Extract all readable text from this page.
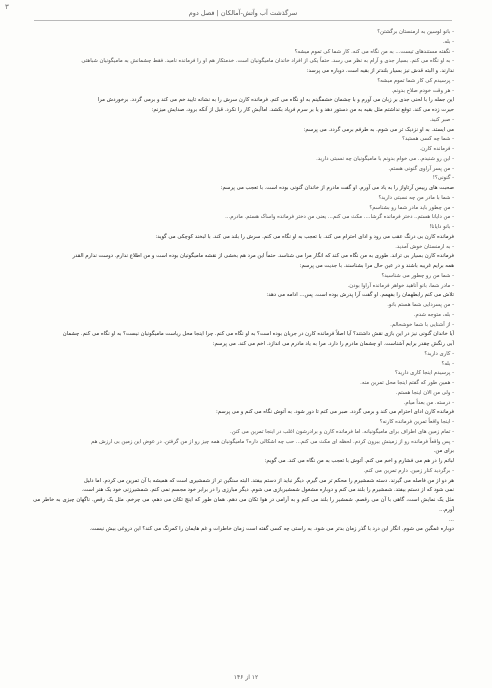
۳
سرگذشت آب وآتش-آمالکان | فصل دوم

- بانو لوسین به ارمنستان برگشتن؟

- بله.

- نگفته مستندهای تیست... به من نگاه می کنه. کار شما کی تموم میشه؟

- به او نگاه می کنم. بسیار جدی و آرام به نظر می رسد. حتماً یکی از افراد خاندان ماميگونيان است. خدمتکار هم او را فرمانده نامید. فقط چشمانش به ماميگونيان شباهتی

ندارند. و البته قدش نیز بسیار بلندتر از بقیه است. دوباره می پرسد:

- پرسیدم کی کار شما تموم میشه؟

- هر وقت خودم صلاح بدونم.

این جمله را با لحنی جدی بر زبان می آورم و با چشمان خشمگینم به او نگاه می کنم. فرمانده کارن سرش را به نشانه تایید خم می کند و برمی گردد. برخوردش مرا

حیرت زده می کند. توقع نداشتم مثل بقیه به من دستور دهد و یا بر سرم فریاد بکشد. اماآیش کار را نکرد. قبل از آنکه برود، صدایش میزنم:

- صبر کنید.

می ایستد. به او نزدیک تر می شوم. به طرفم برمی گردد. می پرسم:

- شما چه کسی هستید؟

- فرمانده کارن.

- این رو شنیدم.. می خوام بدونم با ماميگونيان چه نسبتی دارید.

- من پسر آراوی گنونی هستم.

- گنونی؟!

صحبت های رییس آرتاواز را به یاد می آورم. او گفت مادرم از خاندان گنونی بوده است. با تعجب می پرسم:

- شما با مادر من چه نسبتی دارید؟

- من چطور باید مادر شما رو بشناسم؟

- من دایانا هستم.. دختر فرمانده گرشا.... مکث می کنم... یعنی من دختر فرمانده واساک هستم. مادرم...

- بانو دایانا!

فرمانده کارن بی درنگ عقب می رود و ادای احترام می کند. با تعجب به او نگاه می کنم. سرش را بلند می کند. با لبخند کوچکی می گوید:

- به ارمنستان خوش آمدید.

فرمانده کارن بسیار بی تراند. طوری به من نگاه می کند که انگار مرا می شناسد. حتماً این مرد هم بخشی از نقشه ماميگونيان بوده است و من اطلاع ندارم. دوست ندارم القدر

همه برایم غریبه باشند و در عین حال مرا بشناسند. با جدیت می پرسم:

- شما من رو چطور می شناسید؟

- مادر شما، بانو آناهید خواهر فرمانده آراوا بودن.

تلاش می کنم رابطهمان را بفهمم. او گفت آرا پدرش بوده است. پس... ادامه می دهد:

- من پسردایی شما هستم بانو.

- بله، متوجه شدم.

- از آشنایی با شما خوشحالم.

آیا خاندان گنونی نیز در این بازی نقش داشتند؟ آیا اصلاً فرمانده کارن در جریان بوده است؟ به او نگاه می کنم. چرا اینجا محل ریاست ماميگونيان نیست؟ به او نگاه می کنم. چشمان

آبی رنگش چقدر برایم آشناست. او چشمان مادرم را دارد. مرا به یاد مادرم می اندازد. اخم می کند. می پرسم:

- کاری دارید؟

- بله؟

- پرسیدم اینجا کاری دارید؟

- همین طور که گفتم اینجا محل تمرین منه.

- ولی من الان اینجا هستم.

- درسته. من بعداً میام.

فرمانده کارن ادای احترام می کند و برمی گردد. صبر می کنم تا دور شود. به آتوش نگاه می کنم و می پرسم:

- اینجا واقعاً تمرین فرمانده کارنه؟

- تمام زمین های اطراف برای ماميگونيانه. اما فرمانده کارن و برادرشون اغلب در اینجا تمرین می کنن.

- پس واقعاً فرمانده رو از زمینش بیرون کردم. لحظه ای مکث می کنم... حب چه اشکالی داره؟ ماميگونيان همه چیز رو از من گرفتن. در عوض این زمین بی ارزش هم

برای من.

لباتم را در هم می فشارم و اخم می کنم. آتوش با تعجب به من نگاه می کند. می گویم:

- برگردید کنار زمین. دارم تمرین می کنم.

هر دو از من فاصله می گیرند. دسته شمشیرم را محکم تر می گیرم. دیگر نباید از دستم بیفتد. البته سنگین تر از شمشیری است که همیشه با آن تمرین می کردم. اما دلیل

نمی شود که از دستم بیفتد. شمشیرم را بلند می کنم و دوباره مشغول شمشیربازی می شوم. دیگر مبارزی را در برابر خود مجسم نمی کنم. شمشیرزنی خود یک هنر است.

مثل یک نمایش است، گاهی با آن می رقصم. شمشیر را بلند می کنم و به آرامی در هوا تکان می دهم. همان طور که اینچ تکان می دهم، می چرخم. مثل یک رقص. ناگهان چیزی به خاطر می آورم...

...

دوباره غمگین می شوم. انگار این درد با گذر زمان بدتر می شود. به راستی چه کسی گفته است زمان خاطرات و غم هایمان را کمرنگ می کند؟ این دروغی بیش نیست.

۱۲ از ۱۴۶
